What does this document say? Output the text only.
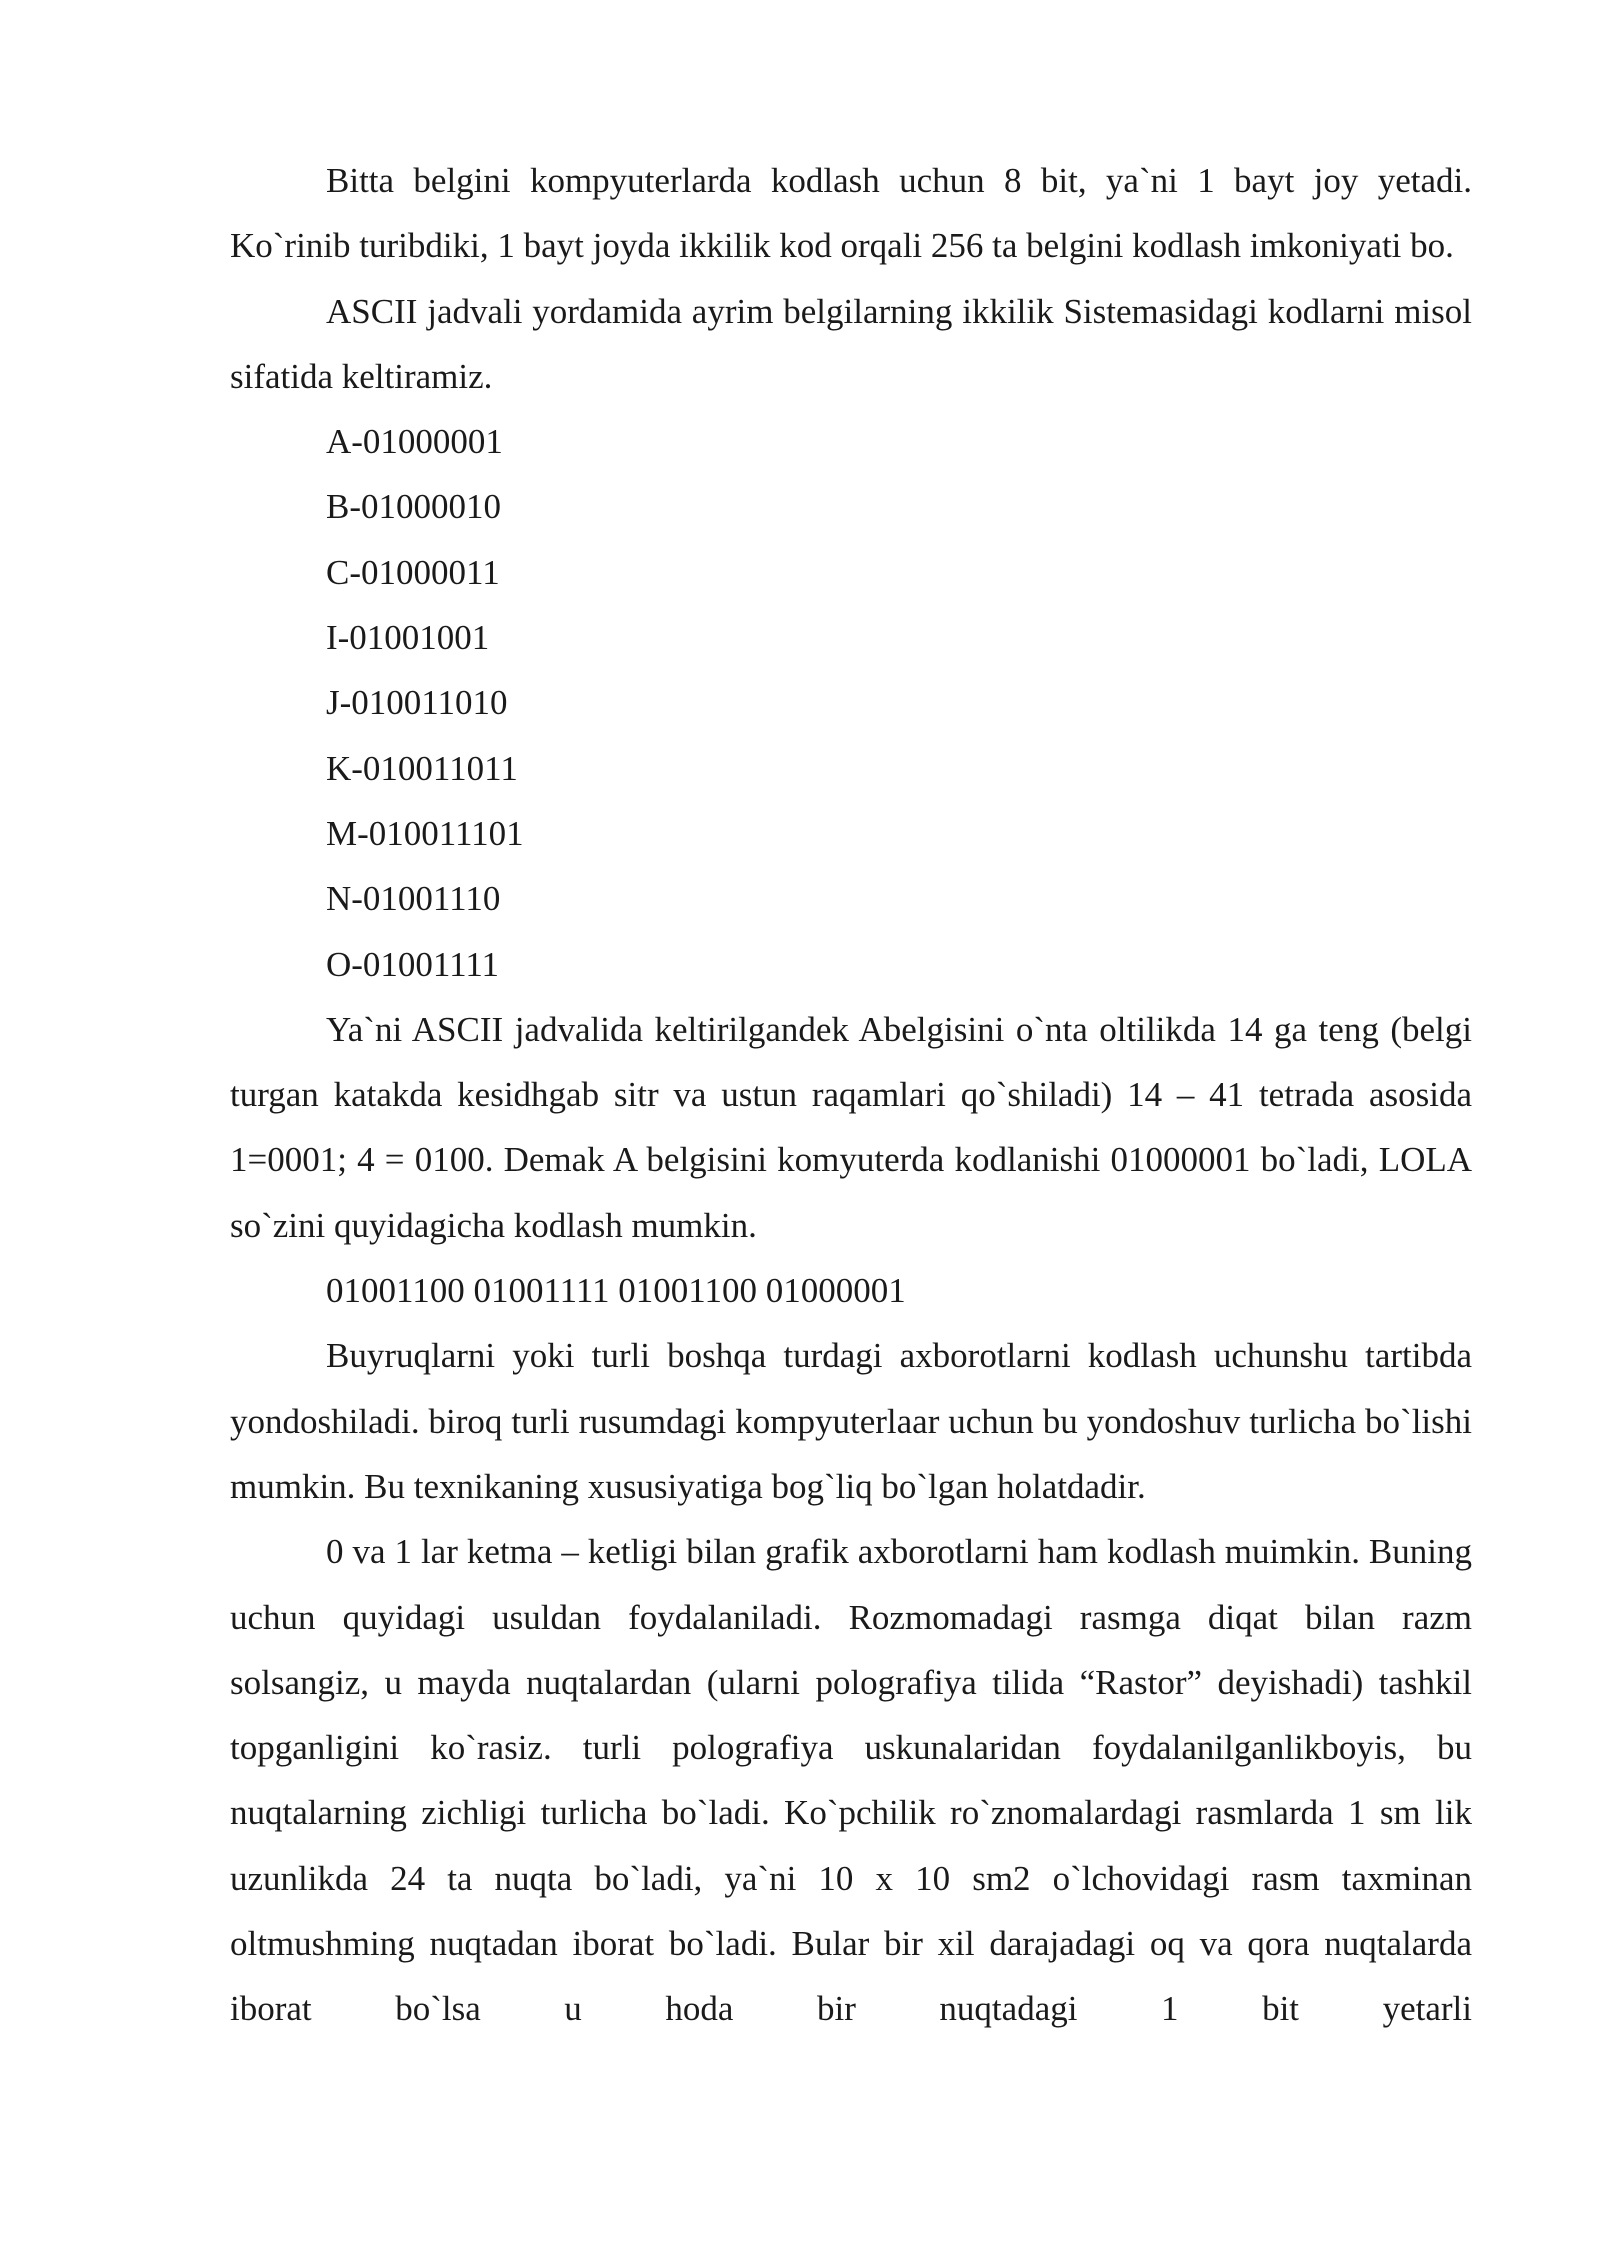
Bitta belgini kompyuterlarda kodlash uchun 8 bit, ya`ni 1 bayt joy yetadi. Ko`rinib turibdiki, 1 bayt joyda ikkilik kod orqali 256 ta belgini kodlash imkoniyati bo.

ASCII jadvali yordamida ayrim belgilarning ikkilik Sistemasidagi kodlarni misol sifatida keltiramiz.

A-01000001

B-01000010

C-01000011

I-01001001

J-010011010

K-010011011

M-010011101

N-01001110

O-01001111

Ya`ni ASCII jadvalida keltirilgandek Abelgisini o`nta oltilikda 14 ga teng (belgi turgan katakda kesidhgab sitr va ustun raqamlari qo`shiladi) 14 – 41 tetrada asosida 1=0001; 4 = 0100. Demak A belgisini komyuterda kodlanishi 01000001 bo`ladi, LOLA so`zini quyidagicha kodlash mumkin.

01001100 01001111 01001100 01000001

Buyruqlarni yoki turli boshqa turdagi axborotlarni kodlash uchunshu tartibda yondoshiladi. biroq turli rusumdagi kompyuterlaar uchun bu yondoshuv turlicha bo`lishi mumkin. Bu texnikaning xususiyatiga bog`liq bo`lgan holatdadir.

0 va 1 lar ketma – ketligi bilan grafik axborotlarni ham kodlash muimkin. Buning uchun quyidagi usuldan foydalaniladi. Rozmomadagi rasmga diqat bilan razm solsangiz, u mayda nuqtalardan (ularni polografiya tilida “Rastor” deyishadi) tashkil topganligini ko`rasiz. turli polografiya uskunalaridan foydalanilganlikboyis, bu nuqtalarning zichligi turlicha bo`ladi. Ko`pchilik ro`znomalardagi rasmlarda 1 sm lik uzunlikda 24 ta nuqta bo`ladi, ya`ni 10 x 10 sm2 o`lchovidagi rasm taxminan oltmushming nuqtadan iborat bo`ladi. Bular bir xil darajadagi oq va qora nuqtalarda iborat bo`lsa u hoda bir nuqtadagi 1 bit yetarli
